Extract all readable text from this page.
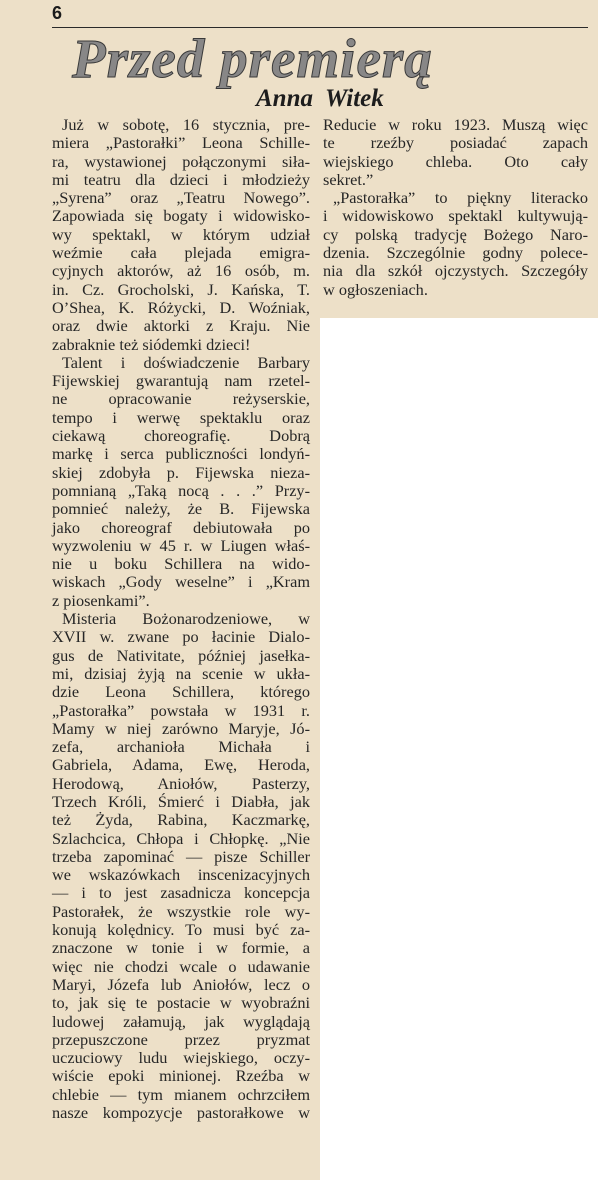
6
Przed premierą
Anna Witek
Już w sobotę, 16 stycznia, pre-
miera „Pastorałki” Leona Schille-
ra, wystawionej połączonymi siła-
mi teatru dla dzieci i młodzieży
„Syrena” oraz „Teatru Nowego”.
Zapowiada się bogaty i widowisko-
wy spektakl, w którym udział
weźmie cała plejada emigra-
cyjnych aktorów, aż 16 osób, m.
in. Cz. Grocholski, J. Kańska, T.
O’Shea, K. Różycki, D. Woźniak,
oraz dwie aktorki z Kraju. Nie
zabraknie też siódemki dzieci!
Talent i doświadczenie Barbary
Fijewskiej gwarantują nam rzetel-
ne opracowanie reżyserskie,
tempo i werwę spektaklu oraz
ciekawą choreografię. Dobrą
markę i serca publiczności londyń-
skiej zdobyła p. Fijewska nieza-
pomnianą „Taką nocą . . .” Przy-
pomnieć należy, że B. Fijewska
jako choreograf debiutowała po
wyzwoleniu w 45 r. w Liugen właś-
nie u boku Schillera na wido-
wiskach „Gody weselne” i „Kram
z piosenkami”.
Misteria Bożonarodzeniowe, w
XVII w. zwane po łacinie Dialo-
gus de Nativitate, później jasełka-
mi, dzisiaj żyją na scenie w ukła-
dzie Leona Schillera, którego
„Pastorałka” powstała w 1931 r.
Mamy w niej zarówno Maryje, Jó-
zefa, archanioła Michała i
Gabriela, Adama, Ewę, Heroda,
Herodową, Aniołów, Pasterzy,
Trzech Króli, Śmierć i Diabła, jak
też Żyda, Rabina, Kaczmarkę,
Szlachcica, Chłopa i Chłopkę. „Nie
trzeba zapominać — pisze Schiller
we wskazówkach inscenizacyjnych
— i to jest zasadnicza koncepcja
Pastorałek, że wszystkie role wy-
konują kolędnicy. To musi być za-
znaczone w tonie i w formie, a
więc nie chodzi wcale o udawanie
Maryi, Józefa lub Aniołów, lecz o
to, jak się te postacie w wyobraźni
ludowej załamują, jak wyglądają
przepuszczone przez pryzmat
uczuciowy ludu wiejskiego, oczy-
wiście epoki minionej. Rzeźba w
chlebie — tym mianem ochrzciłem
nasze kompozycje pastorałkowe w
Reducie w roku 1923. Muszą więc
te rzeźby posiadać zapach
wiejskiego chleba. Oto cały
sekret.”
„Pastorałka” to piękny literacko
i widowiskowo spektakl kultywują-
cy polską tradycję Bożego Naro-
dzenia. Szczególnie godny polece-
nia dla szkół ojczystych. Szczegóły
w ogłoszeniach.
